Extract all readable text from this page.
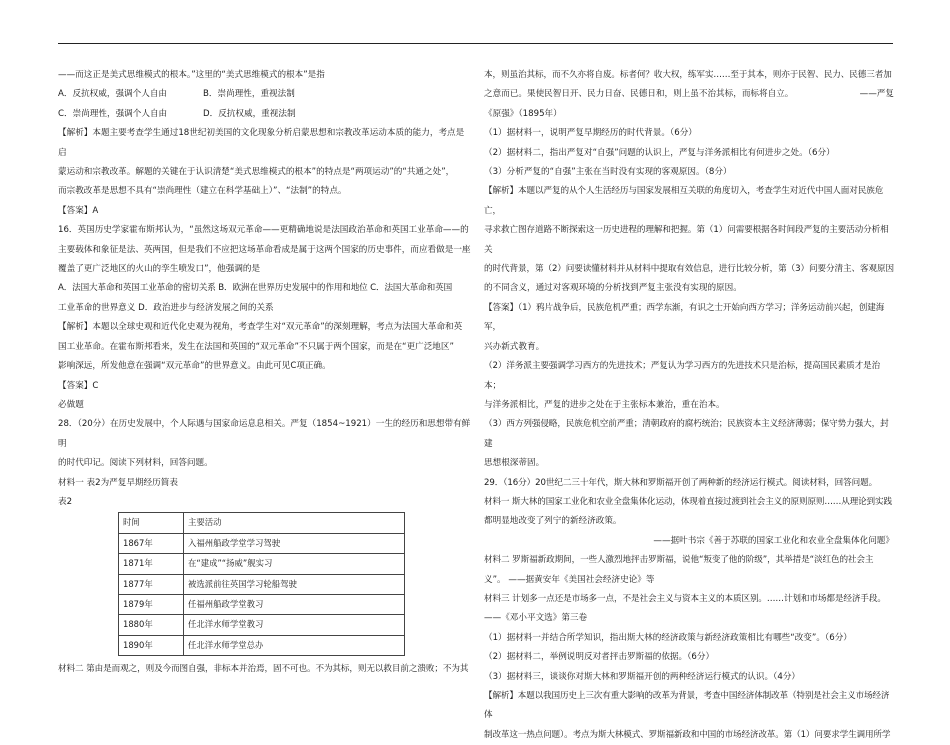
——而这正是美式思维模式的根本。”这里的“美式思维模式的根本”是指

A．反抗权威，强调个人自由	B．崇尚理性，重视法制

C．崇尚理性，强调个人自由	D．反抗权威，重视法制

【解析】本题主要考查学生通过18世纪初美国的文化现象分析启蒙思想和宗教改革运动本质的能力，考点是启

蒙运动和宗教改革。解题的关键在于认识清楚“美式思维模式的根本”的特点是“两项运动”的“共通之处”，

而宗教改革是思想不具有“崇尚理性（建立在科学基础上）”、“法制”的特点。

【答案】A

16．英国历史学家霍布斯邦认为，“虽然这场双元革命——更精确地说是法国政治革命和英国工业革命——的

主要载体和象征是法、英两国，但是我们不应把这场革命看成是属于这两个国家的历史事件，而应看做是一座

覆盖了更广泛地区的火山的孪生喷发口”，他强调的是

A．法国大革命和英国工业革命的密切关系 B．欧洲在世界历史发展中的作用和地位 C．法国大革命和英国

工业革命的世界意义 D．政治进步与经济发展之间的关系

【解析】本题以全球史观和近代化史观为视角，考查学生对“双元革命”的深刻理解，考点为法国大革命和英

国工业革命。在霍布斯邦看来，发生在法国和英国的“双元革命”不只属于两个国家，而是在“更广泛地区”

影响深远，所发他意在强调“双元革命”的世界意义。由此可见C项正确。

【答案】C

必做题

28．（20分）在历史发展中，个人际遇与国家命运息息相关。严复（1854~1921）一生的经历和思想带有鲜明

的时代印记。阅读下列材料，回答问题。

材料一 表2为严复早期经历简表

表2

时间	主要活动
1867年	入福州船政学堂学习驾驶
1871年	在“建成”“扬威”舰实习
1877年	被选派前往英国学习轮船驾驶
1879年	任福州船政学堂教习
1880年	任北洋水师学堂教习
1890年	任北洋水师学堂总办

材料二 第由是而观之，则及今而图自强，非标本并治焉，固不可也。不为其标，则无以救目前之溃败；不为其

本，则虽治其标，而不久亦将自废。标者何？收大权，练军实……至于其本，则亦于民智、民力、民德三者加

之意而已。果使民智日开、民力日奋、民德日和，则上虽不治其标，而标将自立。	——严复

《原强》（1895年）

（1）据材料一，说明严复早期经历的时代背景。（6分）

（2）据材料二，指出严复对“自强”问题的认识上，严复与洋务派相比有何进步之处。（6分）

（3）分析严复的“自强”主张在当时没有实现的客观原因。（8分）

【解析】本题以严复的从个人生活经历与国家发展相互关联的角度切入，考查学生对近代中国人面对民族危亡，

寻求救亡图存道路不断探索这一历史进程的理解和把握。第（1）问需要根据各时间段严复的主要活动分析相关

的时代背景，第（2）问要读懂材料并从材料中提取有效信息，进行比较分析，第（3）问要分清主、客观原因

的不同含义，通过对客观环境的分析找到严复主张没有实现的原因。

【答案】（1）鸦片战争后，民族危机严重；西学东渐，有识之士开始向西方学习；洋务运动前兴起，创建海军，

兴办新式教育。

（2）洋务派主要强调学习西方的先进技术；严复认为学习西方的先进技术只是治标，提高国民素质才是治本；

与洋务派相比，严复的进步之处在于主张标本兼治，重在治本。

（3）西方列强侵略，民族危机空前严重；清朝政府的腐朽统治；民族资本主义经济薄弱；保守势力强大，封建

思想根深蒂固。

29．（16分）20世纪二三十年代，斯大林和罗斯福开创了两种新的经济运行模式。阅读材料，回答问题。

材料一 斯大林的国家工业化和农业全盘集体化运动，体现着直接过渡到社会主义的原则原则……从理论到实践

都明显地改变了列宁的新经济政策。

——据叶书宗《善于苏联的国家工业化和农业全盘集体化问题》

材料二 罗斯福新政期间，一些人激烈地抨击罗斯福，说他“叛变了他的阶级”，其举措是“淡红色的社会主

义”。 ——据黄安年《美国社会经济史论》等

材料三 计划多一点还是市场多一点，不是社会主义与资本主义的本质区别。……计划和市场都是经济手段。

——《邓小平文选》第三卷

（1）据材料一并结合所学知识，指出斯大林的经济政策与新经济政策相比有哪些“改变”。（6分）

（2）据材料二，举例说明反对者抨击罗斯福的依据。（6分）

（3）据材料三，谈谈你对斯大林和罗斯福开创的两种经济运行模式的认识。（4分）

【解析】本题以我国历史上三次有重大影响的改革为背景，考查中国经济体制改革（特别是社会主义市场经济体

制改革这一热点问题）。考点为斯大林模式、罗斯福新政和中国的市场经济改革。第（1）问要求学生调用所学
